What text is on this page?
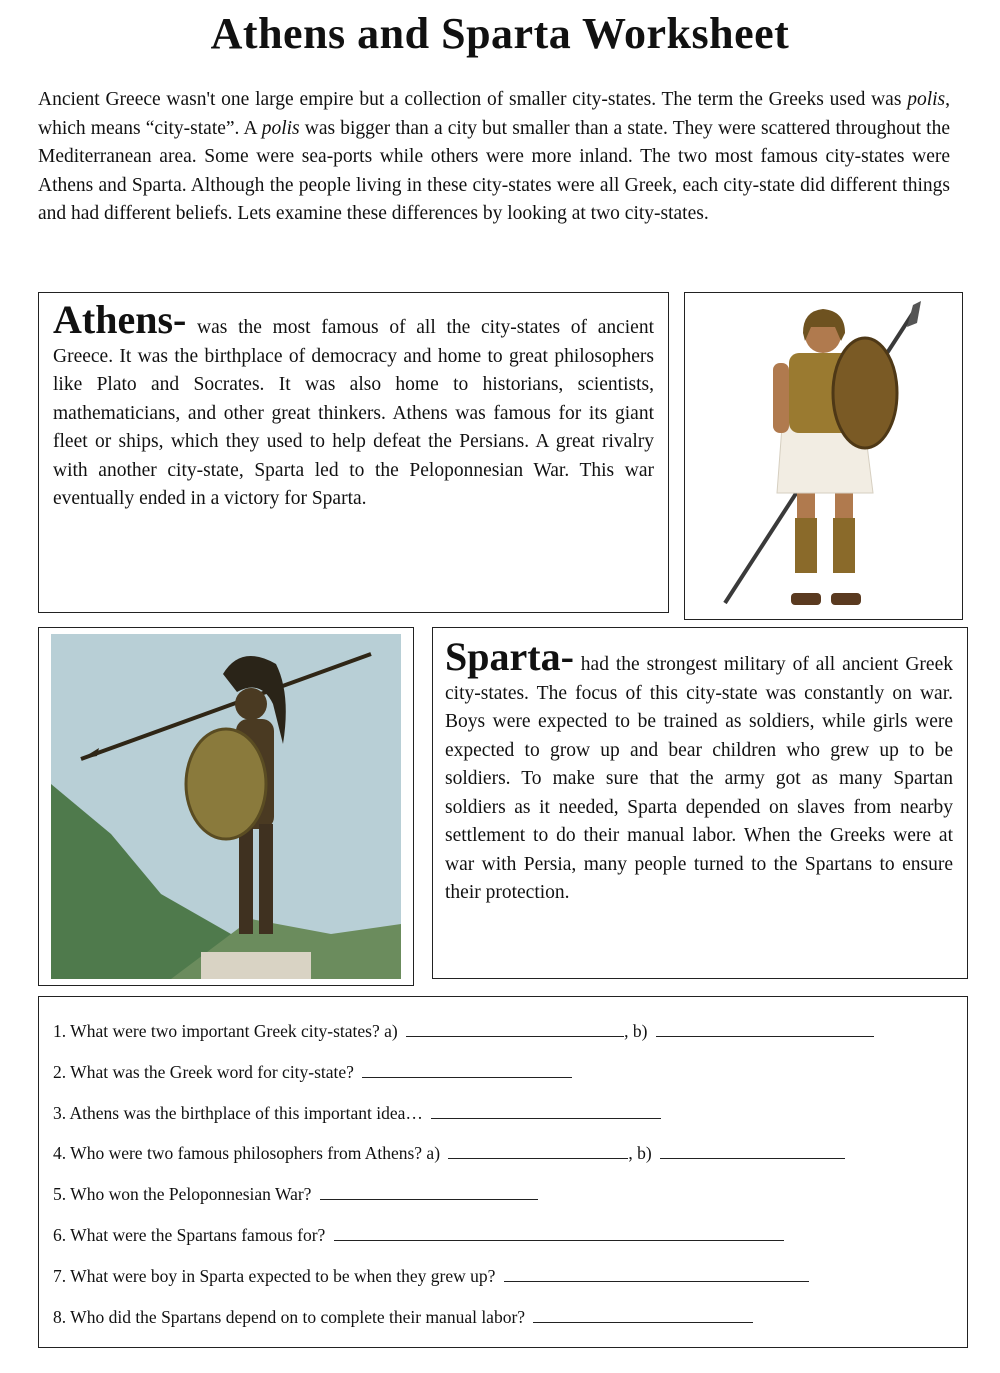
Athens and Sparta Worksheet

Ancient Greece wasn't one large empire but a collection of smaller city-states. The term the Greeks used was polis, which means “city-state”. A polis was bigger than a city but smaller than a state. They were scattered throughout the Mediterranean area. Some were sea-ports while others were more inland. The two most famous city-states were Athens and Sparta. Although the people living in these city-states were all Greek, each city-state did different things and had different beliefs. Lets examine these differences by looking at two city-states.

Athens- was the most famous of all the city-states of ancient Greece. It was the birthplace of democracy and home to great philosophers like Plato and Socrates. It was also home to historians, scientists, mathematicians, and other great thinkers. Athens was famous for its giant fleet or ships, which they used to help defeat the Persians. A great rivalry with another city-state, Sparta led to the Peloponnesian War. This war eventually ended in a victory for Sparta.

Sparta- had the strongest military of all ancient Greek city-states. The focus of this city-state was constantly on war. Boys were expected to be trained as soldiers, while girls were expected to grow up and bear children who grew up to be soldiers. To make sure that the army got as many Spartan soldiers as it needed, Sparta depended on slaves from nearby settlement to do their manual labor. When the Greeks were at war with Persia, many people turned to the Spartans to ensure their protection.

1. What were two important Greek city-states? a)	, b)
2. What was the Greek word for city-state?
3. Athens was the birthplace of this important idea…
4. Who were two famous philosophers from Athens? a)	, b)
5. Who won the Peloponnesian War?
6. What were the Spartans famous for?
7. What were boy in Sparta expected to be when they grew up?
8. Who did the Spartans depend on to complete their manual labor?
